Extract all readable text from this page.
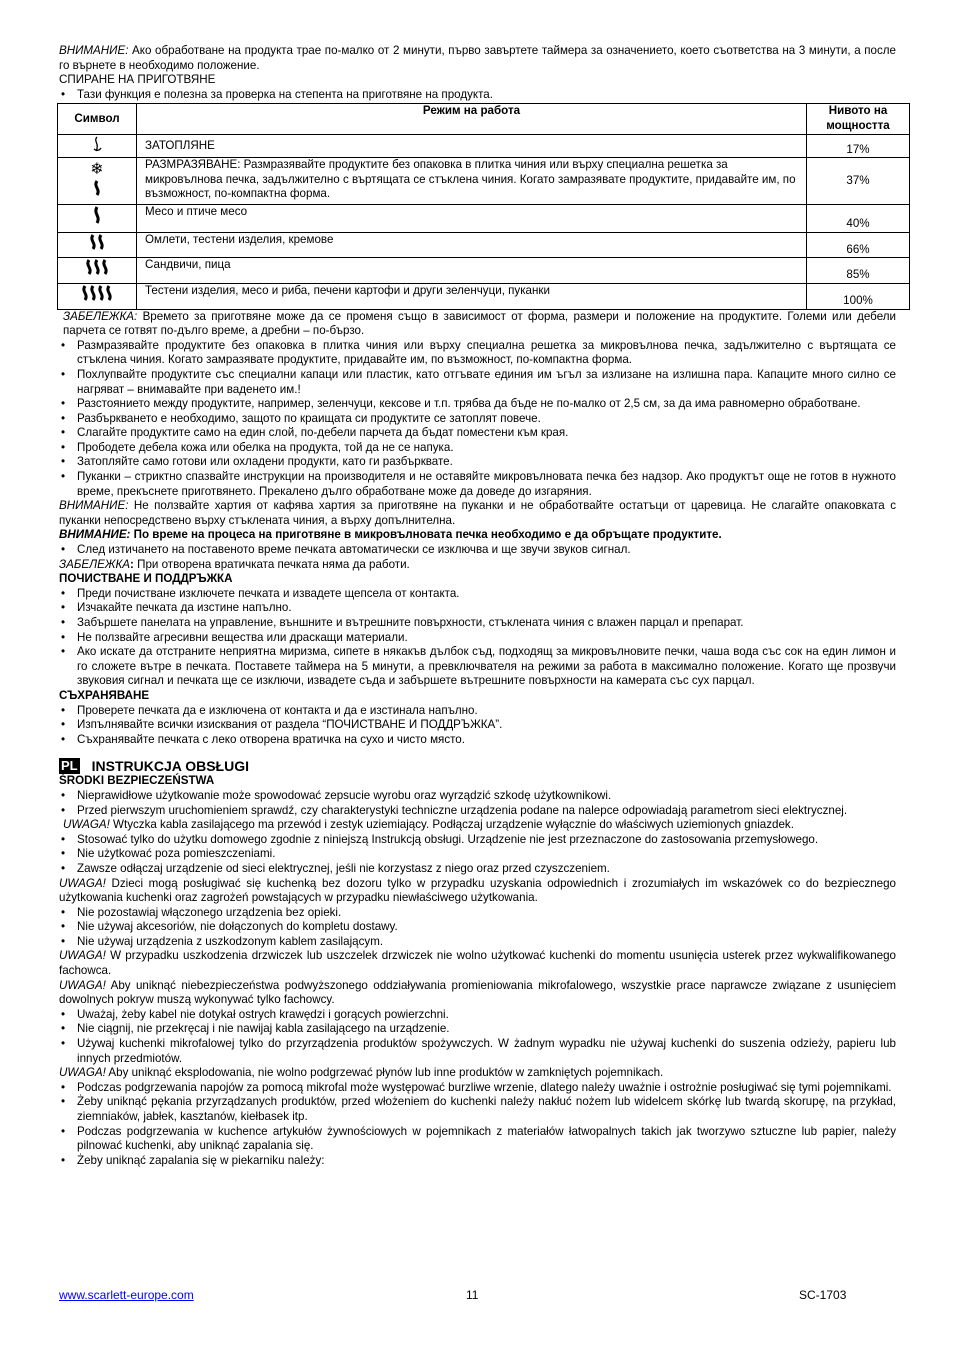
ВНИМАНИЕ: Ако обработване на продукта трае по-малко от 2 минути, първо завъртете таймера за означението, което съответства на 3 минути, а после го върнете в необходимо положение.

СПИРАНЕ НА ПРИГОТВЯНЕ

• Тази функция е полезна за проверка на степента на приготвяне на продукта.
Символ	Режим на работа	Нивото на мощността
	ЗАТОПЛЯНЕ	17%
❄	РАЗМРАЗЯВАНЕ: Размразявайте продуктите без опаковка в плитка чиния или върху специална решетка за микровълнова печка, задължително с въртящата се стъклена чиния. Когато замразявате продуктите, придавайте им, по възможност, по-компактна форма.	37%
	Месо и птиче месо	40%
	Омлети, тестени изделия, кремове	66%
	Сандвичи, пица	85%
	Тестени изделия, месо и риба, печени картофи и други зеленчуци, пуканки	100%

ЗАБЕЛЕЖКА: Времето за приготвяне може да се променя също в зависимост от форма, размери и положение на продуктите. Големи или дебели парчета се готвят по-дълго време, а дребни – по-бързо.

• Размразявайте продуктите без опаковка в плитка чиния или върху специална решетка за микровълнова печка, задължително с въртящата се стъклена чиния. Когато замразявате продуктите, придавайте им, по възможност, по-компактна форма.
• Похлупвайте продуктите със специални капаци или пластик, като отгъвате единия им ъгъл за излизане на излишна пара. Капаците много силно се нагряват – внимавайте при ваденето им.!
• Разстоянието между продуктите, например, зеленчуци, кексове и т.п. трябва да бъде не по-малко от 2,5 см, за да има равномерно обработване.
• Разбъркването е необходимо, защото по краищата си продуктите се затоплят повече.
• Слагайте продуктите само на един слой, по-дебели парчета да бъдат поместени към края.
• Прободете дебела кожа или обелка на продукта, той да не се напука.
• Затопляйте само готови или охладени продукти, като ги разбърквате.
• Пуканки – стриктно спазвайте инструкции на производителя и не оставяйте микровълновата печка без надзор. Ако продуктът още не готов в нужното време, прекъснете приготвянето. Прекалено дълго обработване може да доведе до изгаряния.

ВНИМАНИЕ: Не ползвайте хартия от кафява хартия за приготвяне на пуканки и не обработвайте остатъци от царевица. Не слагайте опаковката с пуканки непосредствено върху стъклената чиния, а върху допълнителна.

ВНИМАНИЕ: По време на процеса на приготвяне в микровълновата печка необходимо е да обръщате продуктите.

• След изтичането на поставеното време печката автоматически се изключва и ще звучи звуков сигнал.

ЗАБЕЛЕЖКА: При отворена вратичката печката няма да работи.

ПОЧИСТВАНЕ И ПОДДРЪЖКА

• Преди почистване изключете печката и извадете щепсела от контакта.
• Изчакайте печката да изстине напълно.
• Забършете панелата на управление, външните и вътрешните повърхности, стъклената чиния с влажен парцал и препарат.
• Не ползвайте агресивни вещества или драскащи материали.
• Ако искате да отстраните неприятна миризма, сипете в някакъв дълбок съд, подходящ за микровълновите печки, чаша вода със сок на един лимон и го сложете вътре в печката. Поставете таймера на 5 минути, а превключвателя на режими за работа в максимално положение. Когато ще прозвучи звуковия сигнал и печката ще се изключи, извадете съда и забършете вътрешните повърхности на камерата със сух парцал.

СЪХРАНЯВАНЕ

• Проверете печката да е изключена от контакта и да е изстинала напълно.
• Изпълнявайте всички изисквания от раздела “ПОЧИСТВАНЕ И ПОДДРЪЖКА”.
• Съхранявайте печката с леко отворена вратичка на сухо и чисто място.
PL INSTRUKCJA OBSŁUGI

ŚRODKI BEZPIECZEŃSTWA

• Nieprawidłowe użytkowanie może spowodować zepsucie wyrobu oraz wyrządzić szkodę użytkownikowi.
• Przed pierwszym uruchomieniem sprawdź, czy charakterystyki techniczne urządzenia podane na nalepce odpowiadają parametrom sieci elektrycznej.

UWAGA! Wtyczka kabla zasilającego ma przewód i zestyk uziemiający. Podłączaj urządzenie wyłącznie do właściwych uziemionych gniazdek.

• Stosować tylko do użytku domowego zgodnie z niniejszą Instrukcją obsługi. Urządzenie nie jest przeznaczone do zastosowania przemysłowego.
• Nie użytkować poza pomieszczeniami.
• Zawsze odłączaj urządzenie od sieci elektrycznej, jeśli nie korzystasz z niego oraz przed czyszczeniem.

UWAGA! Dzieci mogą posługiwać się kuchenką bez dozoru tylko w przypadku uzyskania odpowiednich i zrozumiałych im wskazówek co do bezpiecznego użytkowania kuchenki oraz zagrożeń powstających w przypadku niewłaściwego użytkowania.

• Nie pozostawiaj włączonego urządzenia bez opieki.
• Nie używaj akcesoriów, nie dołączonych do kompletu dostawy.
• Nie używaj urządzenia z uszkodzonym kablem zasilającym.

UWAGA! W przypadku uszkodzenia drzwiczek lub uszczelek drzwiczek nie wolno użytkować kuchenki do momentu usunięcia usterek przez wykwalifikowanego fachowca.

UWAGA! Aby uniknąć niebezpieczeństwa podwyższonego oddziaływania promieniowania mikrofalowego, wszystkie prace naprawcze związane z usunięciem dowolnych pokryw muszą wykonywać tylko fachowcy.

• Uważaj, żeby kabel nie dotykał ostrych krawędzi i gorących powierzchni.
• Nie ciągnij, nie przekręcaj i nie nawijaj kabla zasilającego na urządzenie.
• Używaj kuchenki mikrofalowej tylko do przyrządzenia produktów spożywczych. W żadnym wypadku nie używaj kuchenki do suszenia odzieży, papieru lub innych przedmiotów.

UWAGA! Aby uniknąć eksplodowania, nie wolno podgrzewać płynów lub inne produktów w zamkniętych pojemnikach.

• Podczas podgrzewania napojów za pomocą mikrofal może występować burzliwe wrzenie, dlatego należy uważnie i ostrożnie posługiwać się tymi pojemnikami.
• Żeby uniknąć pękania przyrządzanych produktów, przed włożeniem do kuchenki należy nakłuć nożem lub widelcem skórkę lub twardą skorupę, na przykład, ziemniaków, jabłek, kasztanów, kiełbasek itp.
• Podczas podgrzewania w kuchence artykułów żywnościowych w pojemnikach z materiałów łatwopalnych takich jak tworzywo sztuczne lub papier, należy pilnować kuchenki, aby uniknąć zapalania się.
• Żeby uniknąć zapalania się w piekarniku należy:
www.scarlett-europe.com	11	SC-1703
